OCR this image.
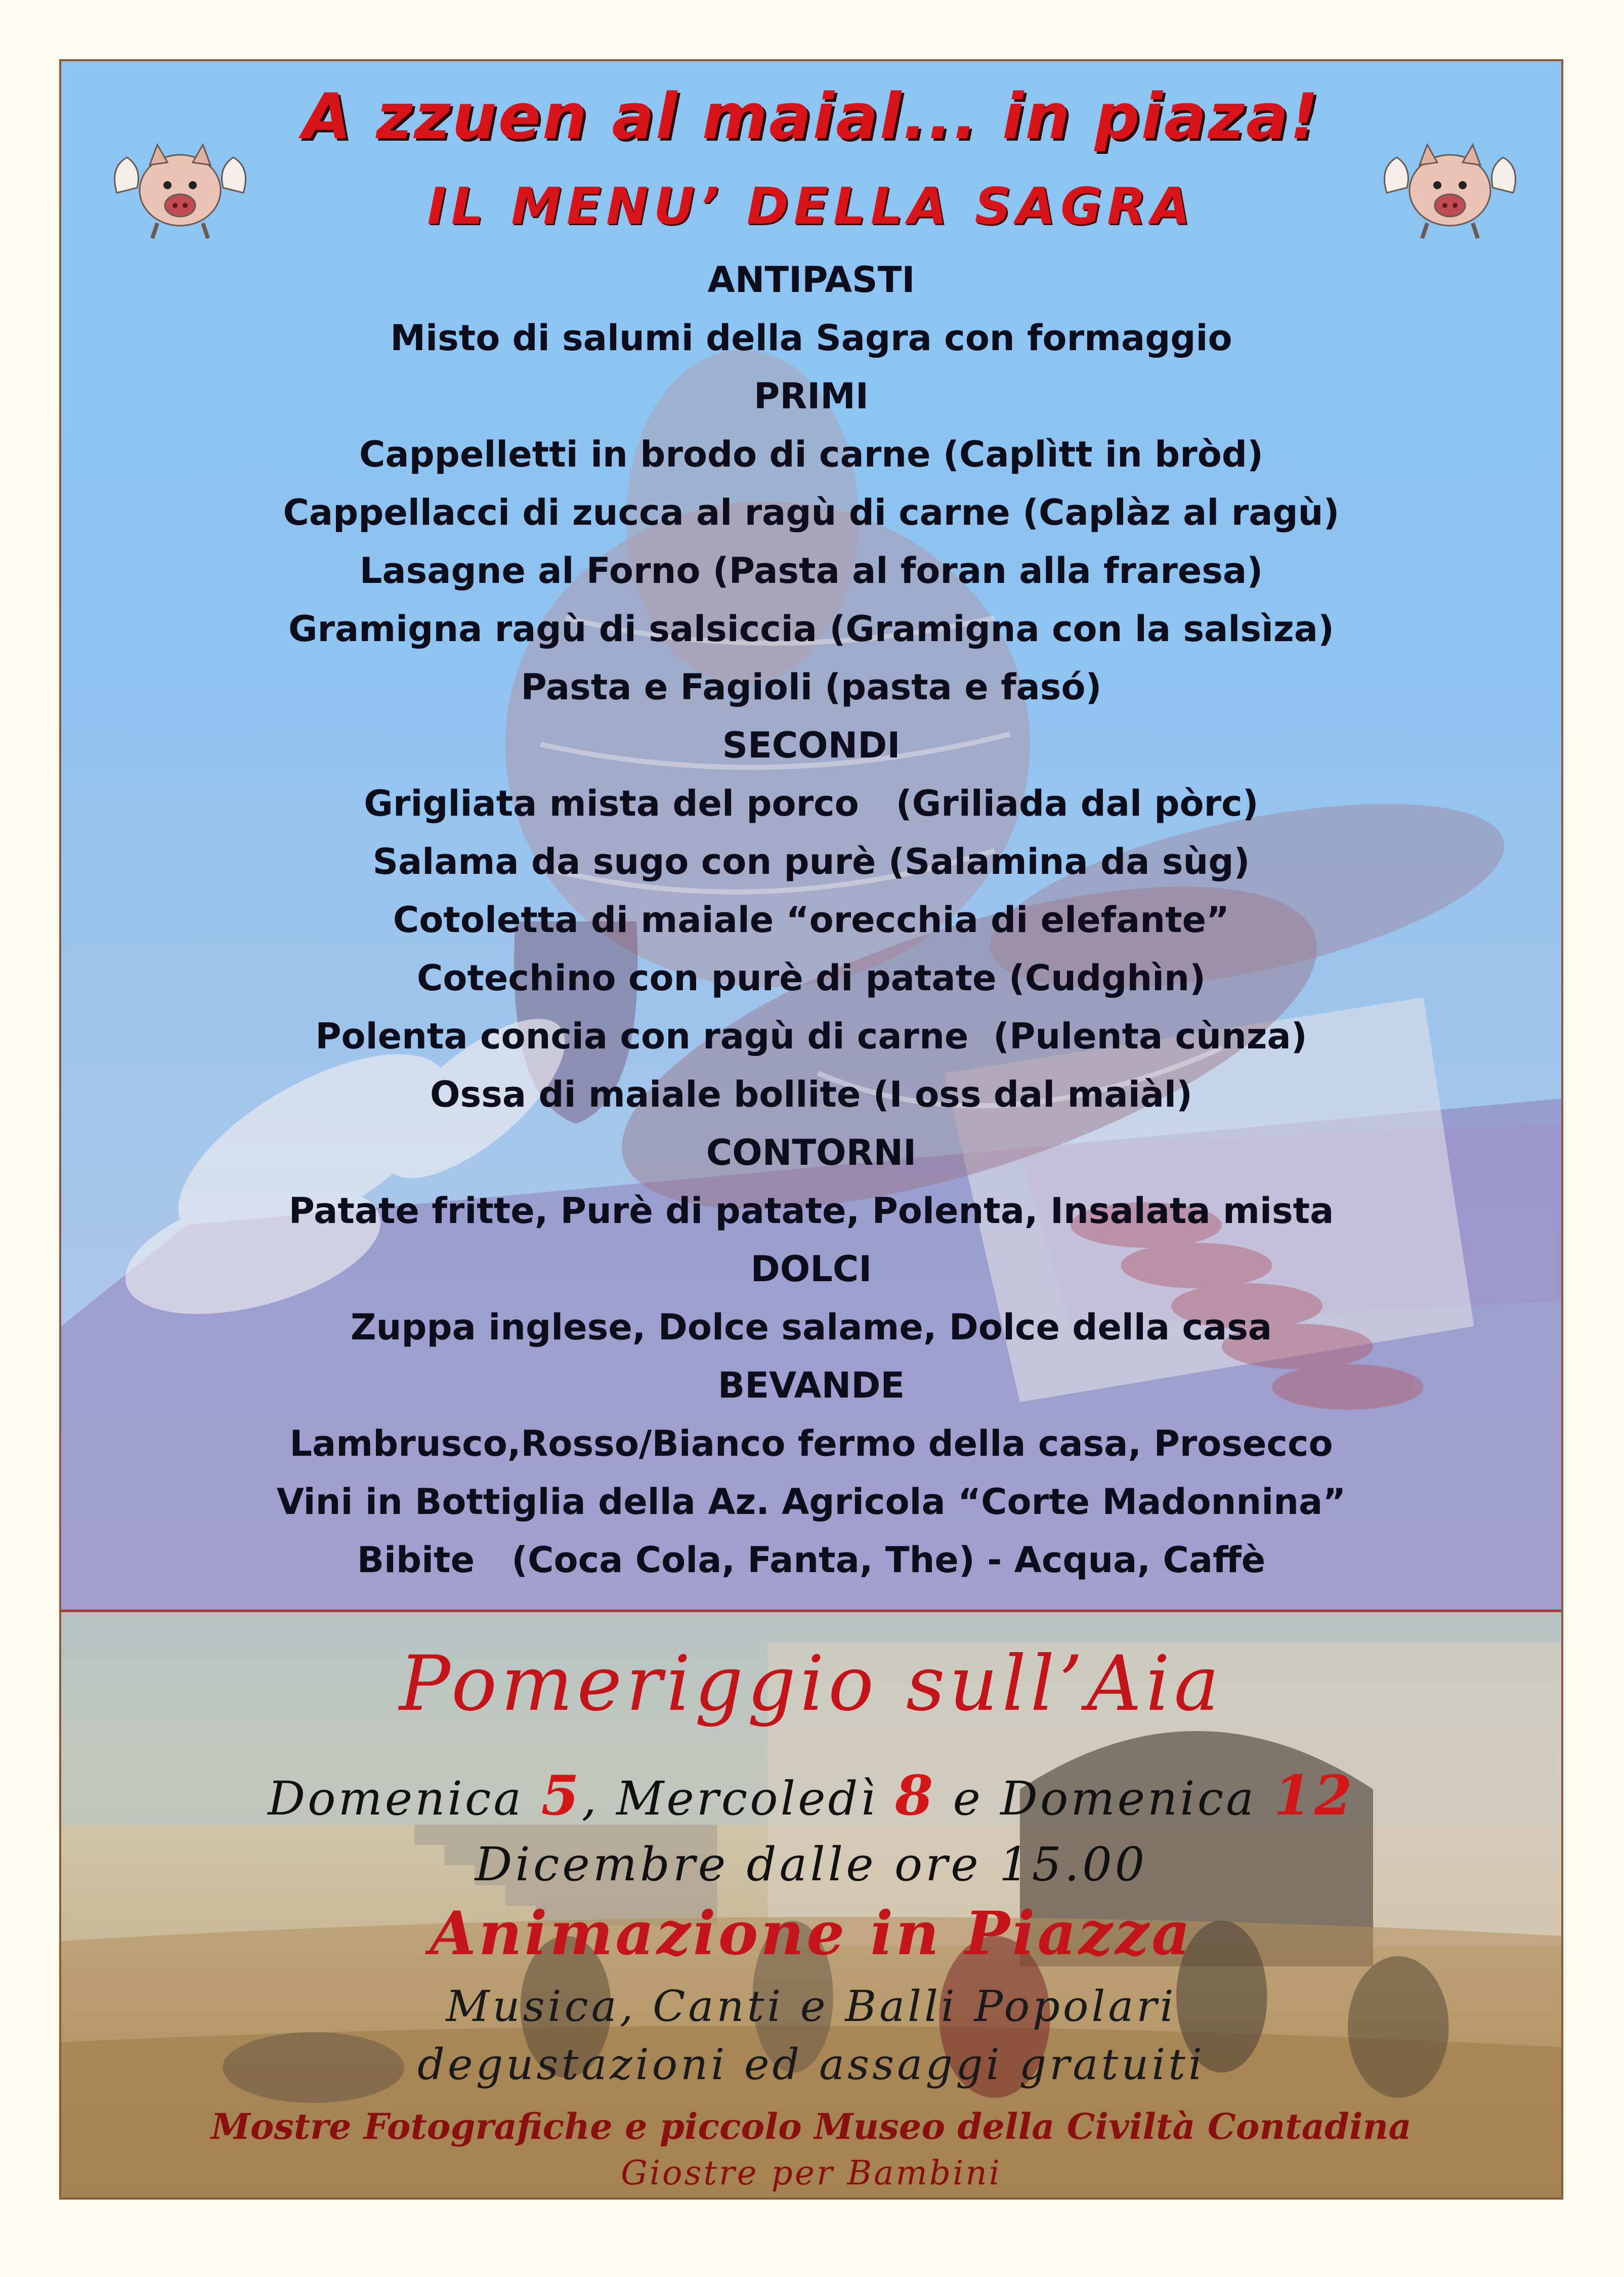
A zzuen al maial... in piaza!
IL MENU’ DELLA SAGRA
ANTIPASTI
Misto di salumi della Sagra con formaggio
PRIMI
Cappelletti in brodo di carne (Caplìtt in bròd)
Cappellacci di zucca al ragù di carne (Caplàz al ragù)
Lasagne al Forno (Pasta al foran alla fraresa)
Gramigna ragù di salsiccia (Gramigna con la salsìza)
Pasta e Fagioli (pasta e fasó)
SECONDI
Grigliata mista del porco   (Griliada dal pòrc)
Salama da sugo con purè (Salamina da sùg)
Cotoletta di maiale “orecchia di elefante”
Cotechino con purè di patate (Cudghìn)
Polenta concia con ragù di carne  (Pulenta cùnza)
Ossa di maiale bollite (I oss dal maiàl)
CONTORNI
Patate fritte, Purè di patate, Polenta, Insalata mista
DOLCI
Zuppa inglese, Dolce salame, Dolce della casa
BEVANDE
Lambrusco,Rosso/Bianco fermo della casa, Prosecco
Vini in Bottiglia della Az. Agricola “Corte Madonnina”
Bibite   (Coca Cola, Fanta, The) - Acqua, Caffè

Pomeriggio sull’Aia

Domenica 5, Mercoledì 8 e Domenica 12

Dicembre dalle ore 15.00

Animazione in Piazza

Musica, Canti e Balli Popolari

degustazioni ed assaggi gratuiti

Mostre Fotografiche e piccolo Museo della Civiltà Contadina

Giostre per Bambini
